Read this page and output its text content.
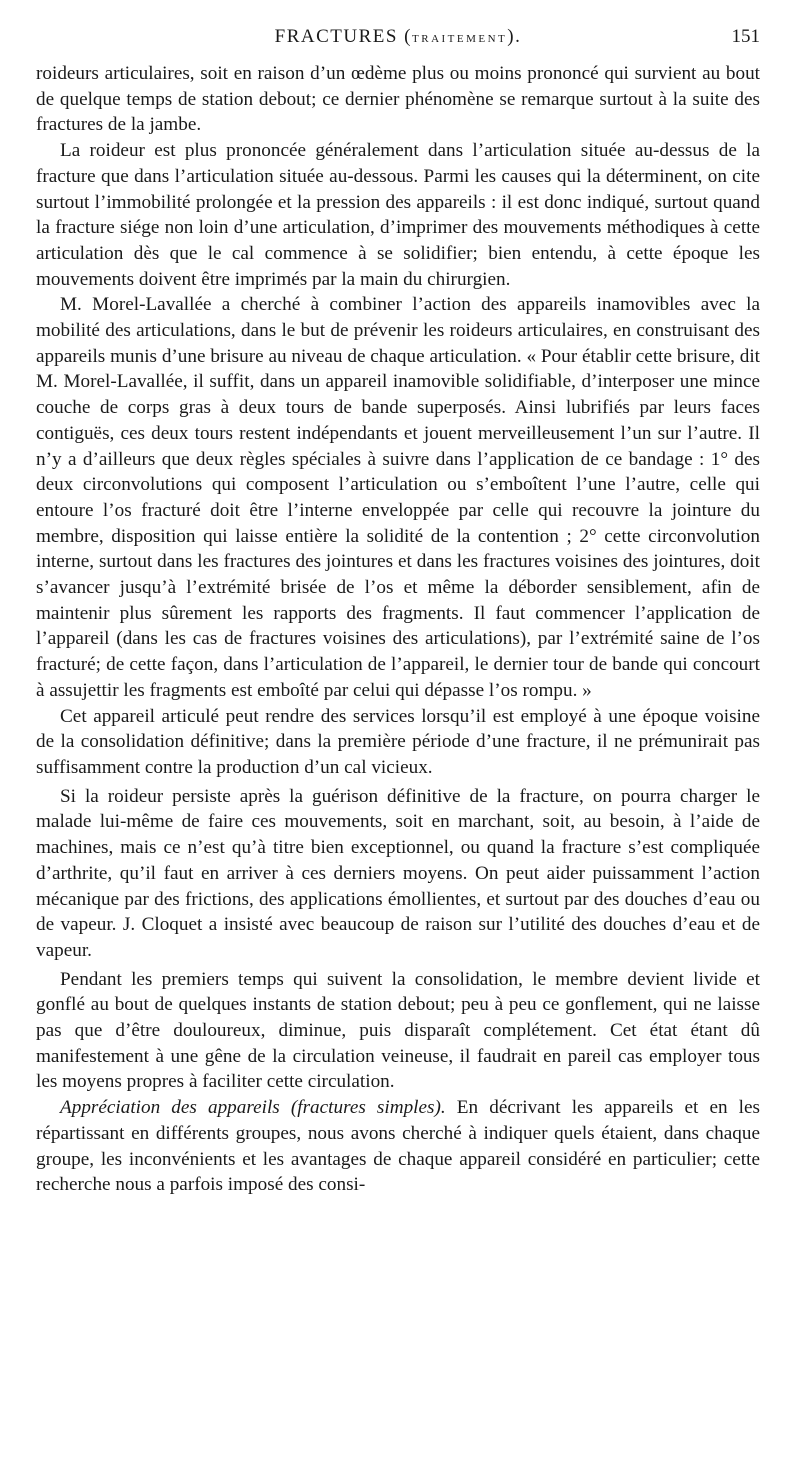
FRACTURES (TRAITEMENT).	151

roideurs articulaires, soit en raison d’un œdème plus ou moins prononcé qui survient au bout de quelque temps de station debout; ce dernier phénomène se remarque surtout à la suite des fractures de la jambe.

La roideur est plus prononcée généralement dans l’articulation située au-dessus de la fracture que dans l’articulation située au-dessous. Parmi les causes qui la déterminent, on cite surtout l’immobilité prolongée et la pression des appareils : il est donc indiqué, surtout quand la fracture siége non loin d’une articulation, d’imprimer des mouvements méthodiques à cette articulation dès que le cal commence à se solidifier; bien entendu, à cette époque les mouvements doivent être imprimés par la main du chirurgien.

M. Morel-Lavallée a cherché à combiner l’action des appareils inamovibles avec la mobilité des articulations, dans le but de prévenir les roideurs articulaires, en construisant des appareils munis d’une brisure au niveau de chaque articulation. « Pour établir cette brisure, dit M. Morel-Lavallée, il suffit, dans un appareil inamovible solidifiable, d’interposer une mince couche de corps gras à deux tours de bande superposés. Ainsi lubrifiés par leurs faces contiguës, ces deux tours restent indépendants et jouent merveilleusement l’un sur l’autre. Il n’y a d’ailleurs que deux règles spéciales à suivre dans l’application de ce bandage : 1° des deux circonvolutions qui composent l’articulation ou s’emboîtent l’une l’autre, celle qui entoure l’os fracturé doit être l’interne enveloppée par celle qui recouvre la jointure du membre, disposition qui laisse entière la solidité de la contention ; 2° cette circonvolution interne, surtout dans les fractures des jointures et dans les fractures voisines des jointures, doit s’avancer jusqu’à l’extrémité brisée de l’os et même la déborder sensiblement, afin de maintenir plus sûrement les rapports des fragments. Il faut commencer l’application de l’appareil (dans les cas de fractures voisines des articulations), par l’extrémité saine de l’os fracturé; de cette façon, dans l’articulation de l’appareil, le dernier tour de bande qui concourt à assujettir les fragments est emboîté par celui qui dépasse l’os rompu. »

Cet appareil articulé peut rendre des services lorsqu’il est employé à une époque voisine de la consolidation définitive; dans la première période d’une fracture, il ne prémunirait pas suffisamment contre la production d’un cal vicieux.

Si la roideur persiste après la guérison définitive de la fracture, on pourra charger le malade lui-même de faire ces mouvements, soit en marchant, soit, au besoin, à l’aide de machines, mais ce n’est qu’à titre bien exceptionnel, ou quand la fracture s’est compliquée d’arthrite, qu’il faut en arriver à ces derniers moyens. On peut aider puissamment l’action mécanique par des frictions, des applications émollientes, et surtout par des douches d’eau ou de vapeur. J. Cloquet a insisté avec beaucoup de raison sur l’utilité des douches d’eau et de vapeur.

Pendant les premiers temps qui suivent la consolidation, le membre devient livide et gonflé au bout de quelques instants de station debout; peu à peu ce gonflement, qui ne laisse pas que d’être douloureux, diminue, puis disparaît complétement. Cet état étant dû manifestement à une gêne de la circulation veineuse, il faudrait en pareil cas employer tous les moyens propres à faciliter cette circulation.

Appréciation des appareils (fractures simples). En décrivant les appareils et en les répartissant en différents groupes, nous avons cherché à indiquer quels étaient, dans chaque groupe, les inconvénients et les avantages de chaque appareil considéré en particulier; cette recherche nous a parfois imposé des consi-
